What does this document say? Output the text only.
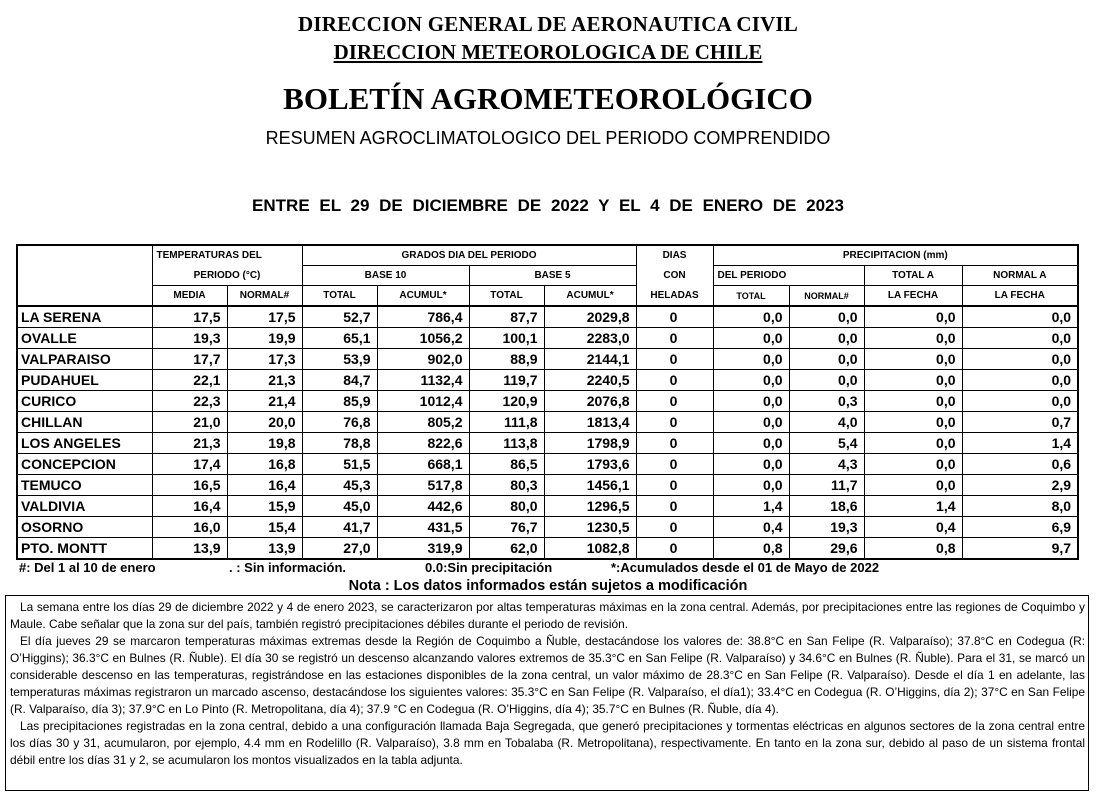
DIRECCION GENERAL DE AERONAUTICA CIVIL
DIRECCION METEOROLOGICA DE CHILE
BOLETÍN AGROMETEOROLÓGICO
RESUMEN AGROCLIMATOLOGICO DEL PERIODO COMPRENDIDO
ENTRE EL 29 DE DICIEMBRE DE 2022 Y EL 4 DE ENERO DE 2023
	TEMPERATURAS DEL		GRADOS DIA DEL PERIODO				DIAS	PRECIPITACION (mm)			
	PERIODO (°C)		BASE 10		BASE 5		CON	DEL PERIODO		TOTAL A	NORMAL A
	MEDIA	NORMAL#	TOTAL	ACUMUL*	TOTAL	ACUMUL*	HELADAS	TOTAL	NORMAL#	LA FECHA	LA FECHA
LA SERENA	17,5	17,5	52,7	786,4	87,7	2029,8	0	0,0	0,0	0,0	0,0
OVALLE	19,3	19,9	65,1	1056,2	100,1	2283,0	0	0,0	0,0	0,0	0,0
VALPARAISO	17,7	17,3	53,9	902,0	88,9	2144,1	0	0,0	0,0	0,0	0,0
PUDAHUEL	22,1	21,3	84,7	1132,4	119,7	2240,5	0	0,0	0,0	0,0	0,0
CURICO	22,3	21,4	85,9	1012,4	120,9	2076,8	0	0,0	0,3	0,0	0,0
CHILLAN	21,0	20,0	76,8	805,2	111,8	1813,4	0	0,0	4,0	0,0	0,7
LOS ANGELES	21,3	19,8	78,8	822,6	113,8	1798,9	0	0,0	5,4	0,0	1,4
CONCEPCION	17,4	16,8	51,5	668,1	86,5	1793,6	0	0,0	4,3	0,0	0,6
TEMUCO	16,5	16,4	45,3	517,8	80,3	1456,1	0	0,0	11,7	0,0	2,9
VALDIVIA	16,4	15,9	45,0	442,6	80,0	1296,5	0	1,4	18,6	1,4	8,0
OSORNO	16,0	15,4	41,7	431,5	76,7	1230,5	0	0,4	19,3	0,4	6,9
PTO. MONTT	13,9	13,9	27,0	319,9	62,0	1082,8	0	0,8	29,6	0,8	9,7
#: Del 1 al 10 de enero	. : Sin información.	0.0:Sin precipitación	*:Acumulados desde el 01 de Mayo de 2022
Nota : Los datos informados están sujetos a modificación

La semana entre los días 29 de diciembre 2022 y 4 de enero 2023, se caracterizaron por altas temperaturas máximas en la zona central. Además, por precipitaciones entre las regiones de Coquimbo y Maule. Cabe señalar que la zona sur del país, también registró precipitaciones débiles durante el periodo de revisión.

El día jueves 29 se marcaron temperaturas máximas extremas desde la Región de Coquimbo a Ñuble, destacándose los valores de: 38.8°C en San Felipe (R. Valparaíso); 37.8°C en Codegua (R: O’Higgins); 36.3°C en Bulnes (R. Ñuble). El día 30 se registró un descenso alcanzando valores extremos de 35.3°C en San Felipe (R. Valparaíso) y 34.6°C en Bulnes (R. Ñuble). Para el 31, se marcó un considerable descenso en las temperaturas, registrándose en las estaciones disponibles de la zona central, un valor máximo de 28.3°C en San Felipe (R. Valparaíso). Desde el día 1 en adelante, las temperaturas máximas registraron un marcado ascenso, destacándose los siguientes valores: 35.3°C en San Felipe (R. Valparaíso, el día1); 33.4°C en Codegua (R. O’Higgins, día 2); 37°C en San Felipe (R. Valparaíso, día 3); 37.9°C en Lo Pinto (R. Metropolitana, día 4); 37.9 °C en Codegua (R. O’Higgins, día 4); 35.7°C en Bulnes (R. Ñuble, día 4).

Las precipitaciones registradas en la zona central, debido a una configuración llamada Baja Segregada, que generó precipitaciones y tormentas eléctricas en algunos sectores de la zona central entre los días 30 y 31, acumularon, por ejemplo, 4.4 mm en Rodelillo (R. Valparaíso), 3.8 mm en Tobalaba (R. Metropolitana), respectivamente. En tanto en la zona sur, debido al paso de un sistema frontal débil entre los días 31 y 2, se acumularon los montos visualizados en la tabla adjunta.
